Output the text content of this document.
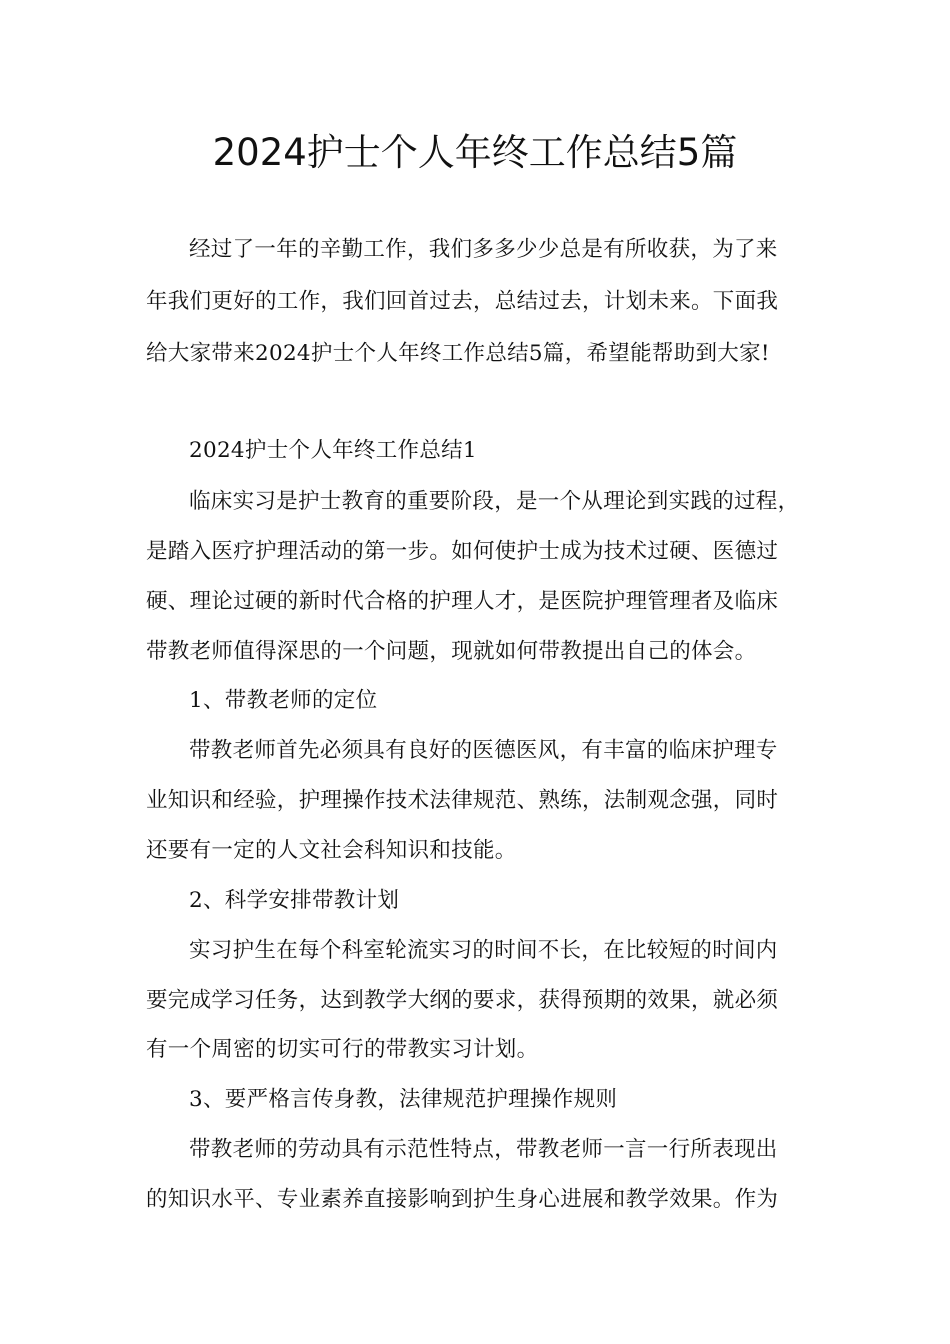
2024护士个人年终工作总结5篇
经过了一年的辛勤工作，我们多多少少总是有所收获，为了来
年我们更好的工作，我们回首过去，总结过去，计划未来。下面我
给大家带来2024护士个人年终工作总结5篇，希望能帮助到大家!
2024护士个人年终工作总结1
临床实习是护士教育的重要阶段，是一个从理论到实践的过程，
是踏入医疗护理活动的第一步。如何使护士成为技术过硬、医德过
硬、理论过硬的新时代合格的护理人才，是医院护理管理者及临床
带教老师值得深思的一个问题，现就如何带教提出自己的体会。
1、带教老师的定位
带教老师首先必须具有良好的医德医风，有丰富的临床护理专
业知识和经验，护理操作技术法律规范、熟练，法制观念强，同时
还要有一定的人文社会科知识和技能。
2、科学安排带教计划
实习护生在每个科室轮流实习的时间不长，在比较短的时间内
要完成学习任务，达到教学大纲的要求，获得预期的效果，就必须
有一个周密的切实可行的带教实习计划。
3、要严格言传身教，法律规范护理操作规则
带教老师的劳动具有示范性特点，带教老师一言一行所表现出
的知识水平、专业素养直接影响到护生身心进展和教学效果。作为
